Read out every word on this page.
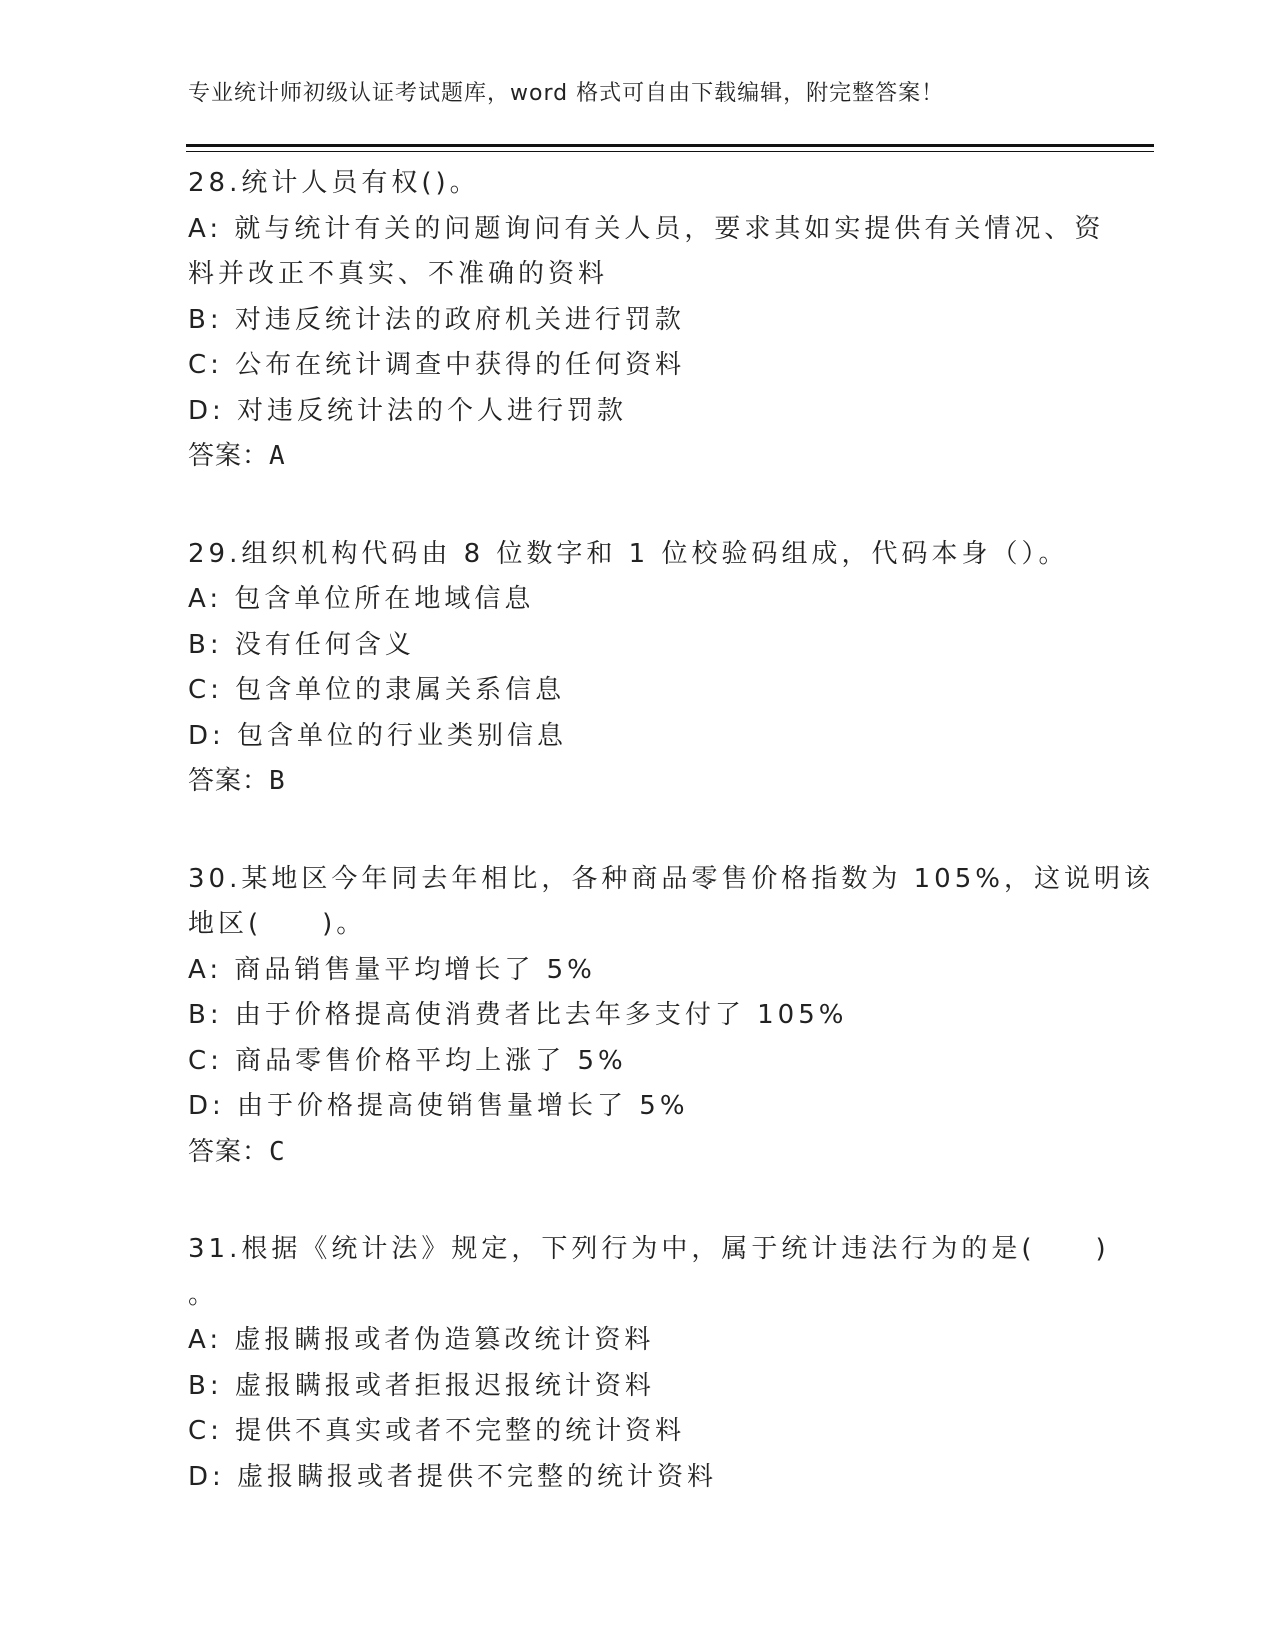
专业统计师初级认证考试题库，word 格式可自由下载编辑，附完整答案！
28.统计人员有权()。
A: 就与统计有关的问题询问有关人员，要求其如实提供有关情况、资
料并改正不真实、不准确的资料
B: 对违反统计法的政府机关进行罚款
C: 公布在统计调查中获得的任何资料
D: 对违反统计法的个人进行罚款
答案：A
29.组织机构代码由 8 位数字和 1 位校验码组成，代码本身（）。
A: 包含单位所在地域信息
B: 没有任何含义
C: 包含单位的隶属关系信息
D: 包含单位的行业类别信息
答案：B
30.某地区今年同去年相比，各种商品零售价格指数为 105%，这说明该
地区(　　)。
A: 商品销售量平均增长了 5%
B: 由于价格提高使消费者比去年多支付了 105%
C: 商品零售价格平均上涨了 5%
D: 由于价格提高使销售量增长了 5%
答案：C
31.根据《统计法》规定，下列行为中，属于统计违法行为的是(　　)
。
A: 虚报瞒报或者伪造篡改统计资料
B: 虚报瞒报或者拒报迟报统计资料
C: 提供不真实或者不完整的统计资料
D: 虚报瞒报或者提供不完整的统计资料
